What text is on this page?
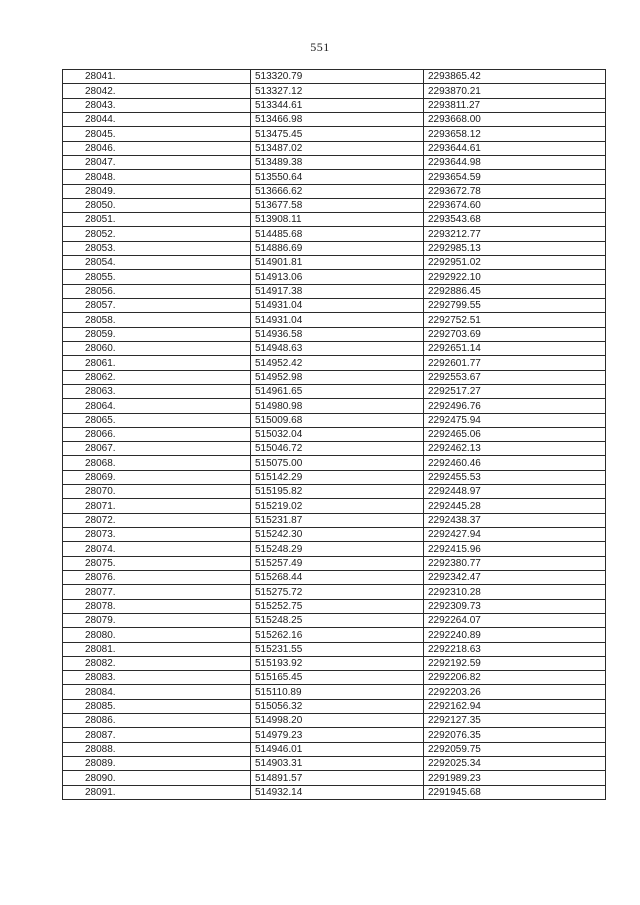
551
28041.	513320.79	2293865.42
28042.	513327.12	2293870.21
28043.	513344.61	2293811.27
28044.	513466.98	2293668.00
28045.	513475.45	2293658.12
28046.	513487.02	2293644.61
28047.	513489.38	2293644.98
28048.	513550.64	2293654.59
28049.	513666.62	2293672.78
28050.	513677.58	2293674.60
28051.	513908.11	2293543.68
28052.	514485.68	2293212.77
28053.	514886.69	2292985.13
28054.	514901.81	2292951.02
28055.	514913.06	2292922.10
28056.	514917.38	2292886.45
28057.	514931.04	2292799.55
28058.	514931.04	2292752.51
28059.	514936.58	2292703.69
28060.	514948.63	2292651.14
28061.	514952.42	2292601.77
28062.	514952.98	2292553.67
28063.	514961.65	2292517.27
28064.	514980.98	2292496.76
28065.	515009.68	2292475.94
28066.	515032.04	2292465.06
28067.	515046.72	2292462.13
28068.	515075.00	2292460.46
28069.	515142.29	2292455.53
28070.	515195.82	2292448.97
28071.	515219.02	2292445.28
28072.	515231.87	2292438.37
28073.	515242.30	2292427.94
28074.	515248.29	2292415.96
28075.	515257.49	2292380.77
28076.	515268.44	2292342.47
28077.	515275.72	2292310.28
28078.	515252.75	2292309.73
28079.	515248.25	2292264.07
28080.	515262.16	2292240.89
28081.	515231.55	2292218.63
28082.	515193.92	2292192.59
28083.	515165.45	2292206.82
28084.	515110.89	2292203.26
28085.	515056.32	2292162.94
28086.	514998.20	2292127.35
28087.	514979.23	2292076.35
28088.	514946.01	2292059.75
28089.	514903.31	2292025.34
28090.	514891.57	2291989.23
28091.	514932.14	2291945.68
